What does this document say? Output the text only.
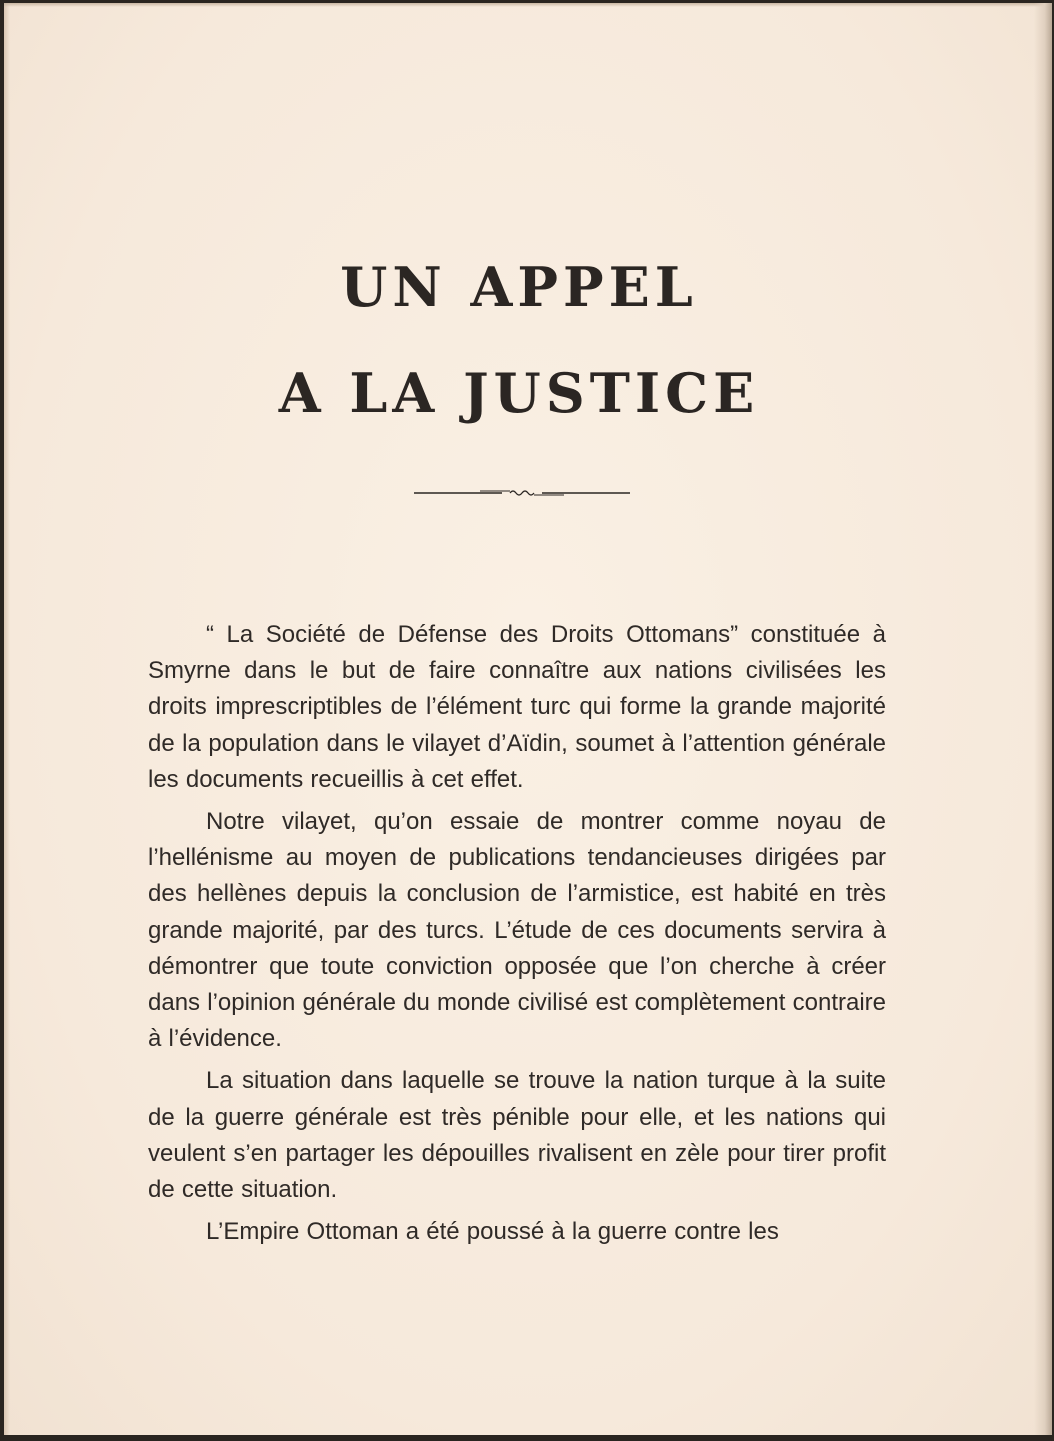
UN APPEL
A LA JUSTICE

“ La Société de Défense des Droits Ottomans” constituée à Smyrne dans le but de faire connaître aux nations civilisées les droits imprescriptibles de l’élément turc qui forme la grande majorité de la population dans le vilayet d’Aïdin, soumet à l’attention générale les documents recueillis à cet effet.

Notre vilayet, qu’on essaie de montrer comme noyau de l’hellénisme au moyen de publications tendancieuses dirigées par des hellènes depuis la conclusion de l’armistice, est habité en très grande majorité, par des turcs. L’étude de ces documents servira à démontrer que toute conviction opposée que l’on cherche à créer dans l’opinion générale du monde civilisé est complètement contraire à l’évidence.

La situation dans laquelle se trouve la nation turque à la suite de la guerre générale est très pénible pour elle, et les nations qui veulent s’en partager les dépouilles rivalisent en zèle pour tirer profit de cette situation.

L’Empire Ottoman a été poussé à la guerre contre les
